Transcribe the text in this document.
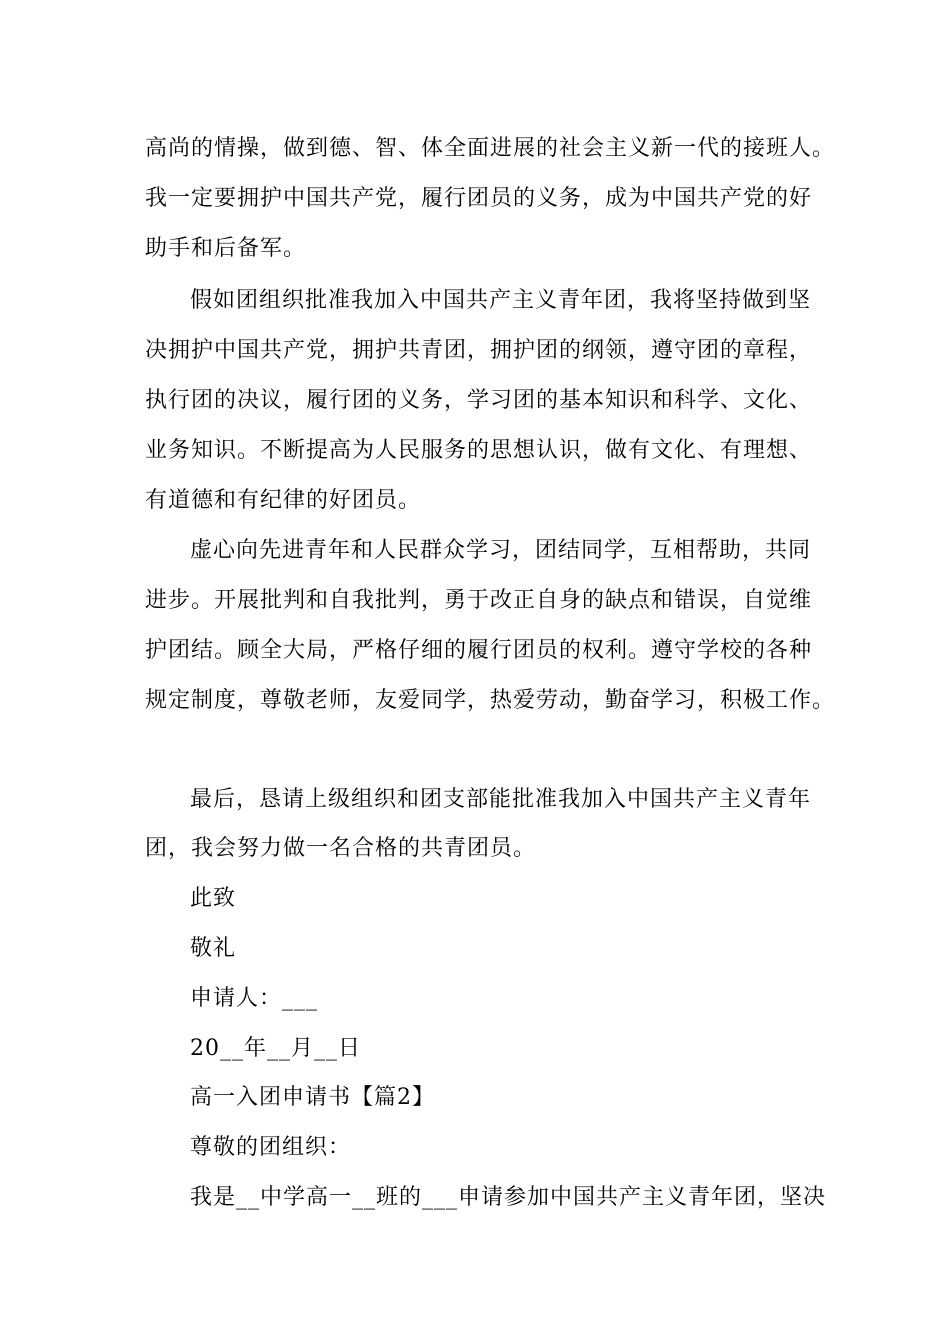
高尚的情操，做到德、智、体全面进展的社会主义新一代的接班人。

我一定要拥护中国共产党，履行团员的义务，成为中国共产党的好

助手和后备军。

假如团组织批准我加入中国共产主义青年团，我将坚持做到坚

决拥护中国共产党，拥护共青团，拥护团的纲领，遵守团的章程，

执行团的决议，履行团的义务，学习团的基本知识和科学、文化、

业务知识。不断提高为人民服务的思想认识，做有文化、有理想、

有道德和有纪律的好团员。

虚心向先进青年和人民群众学习，团结同学，互相帮助，共同

进步。开展批判和自我批判，勇于改正自身的缺点和错误，自觉维

护团结。顾全大局，严格仔细的履行团员的权利。遵守学校的各种

规定制度，尊敬老师，友爱同学，热爱劳动，勤奋学习，积极工作。

最后，恳请上级组织和团支部能批准我加入中国共产主义青年

团，我会努力做一名合格的共青团员。

此致

敬礼

申请人：___

20__年__月__日

高一入团申请书【篇2】

尊敬的团组织：

我是__中学高一__班的___申请参加中国共产主义青年团，坚决
